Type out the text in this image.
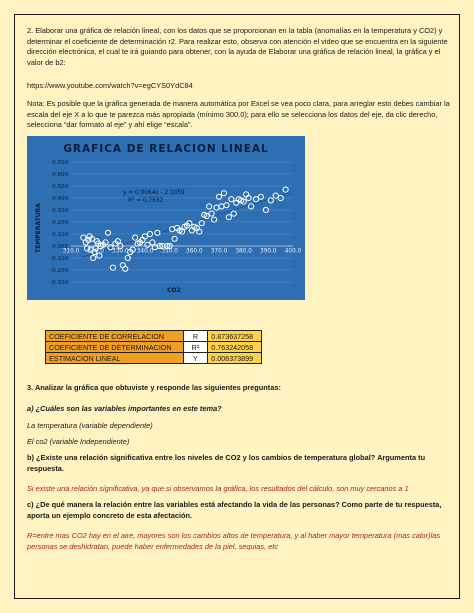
2. Elaborar una gráfica de relación lineal, con los datos que se proporcionan en la tabla (anomalías en la temperatura y CO2) y determinar el coeficiente de determinación r2. Para realizar esto, observa con atención el video que se encuentra en la siguiente dirección electrónica, el cual te irá guiando para obtener, con la ayuda de Elaborar una gráfica de relación lineal, la gráfica y el valor de b2:
https://www.youtube.com/watch?v=egCYS0YdC84
Nota: Es posible que la gráfica generada de manera automática por Excel se vea poco clara, para arreglar esto debes cambiar la escala del eje X a lo que te parezca más apropiada (mínimo 300.0); para ello se selecciona los datos del eje, da clic derecho, selecciona “dar formato al eje” y ahí elige “escala”.
GRAFICA DE RELACION LINEAL
0.700
0.600
0.500
0.400
0.300
0.200
0.100
0.000
-0.100
-0.200
-0.300
310.0 320.0 330.0 340.0 350.0 360.0 370.0 380.0 390.0 400.0
y = 0.0064x - 2.1059
R² = 0.7632
CO2
TEMPERATURA
COEFICIENTE DE CORRELACION	R	0.873637258
COEFICIENTE DE DETERMINACION	R²	0.763242058
ESTIMACION LINEAL	Y	0.006373899
3. Analizar la gráfica que obtuviste y responde las siguientes preguntas:
a) ¿Cuáles son las variables importantes en este tema?
La temperatura (variable dependiente)
El co2 (variable Independiente)
b) ¿Existe una relación significativa entre los niveles de CO2 y los cambios de temperatura global? Argumenta tu respuesta.
Si existe una relación significativa, ya que si observamos la gráfica, los resultados del cálculo, son muy cercanos a 1
c) ¿De qué manera la relación entre las variables está afectando la vida de las personas? Como parte de tu respuesta, aporta un ejemplo concreto de esta afectación.
R=entre mas CO2 hay en el aire, mayores son los cambios altos de temperatura, y al haber mayor temperatura (mas calor)las personas se deshidratan, puede haber enfermedades de la piel, sequias, etc
